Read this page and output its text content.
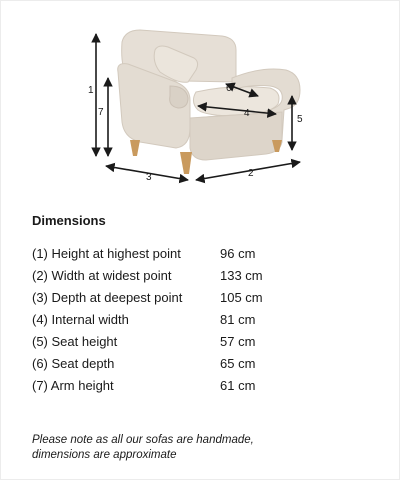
1
2
3
4
5
6
7
Dimensions
(1) Height at highest point	96 cm
(2) Width at widest point	133 cm
(3) Depth at deepest point	105 cm
(4) Internal width	81 cm
(5) Seat height	57 cm
(6) Seat depth	65 cm
(7) Arm height	61 cm
Please note as all our sofas are handmade,
dimensions are approximate
